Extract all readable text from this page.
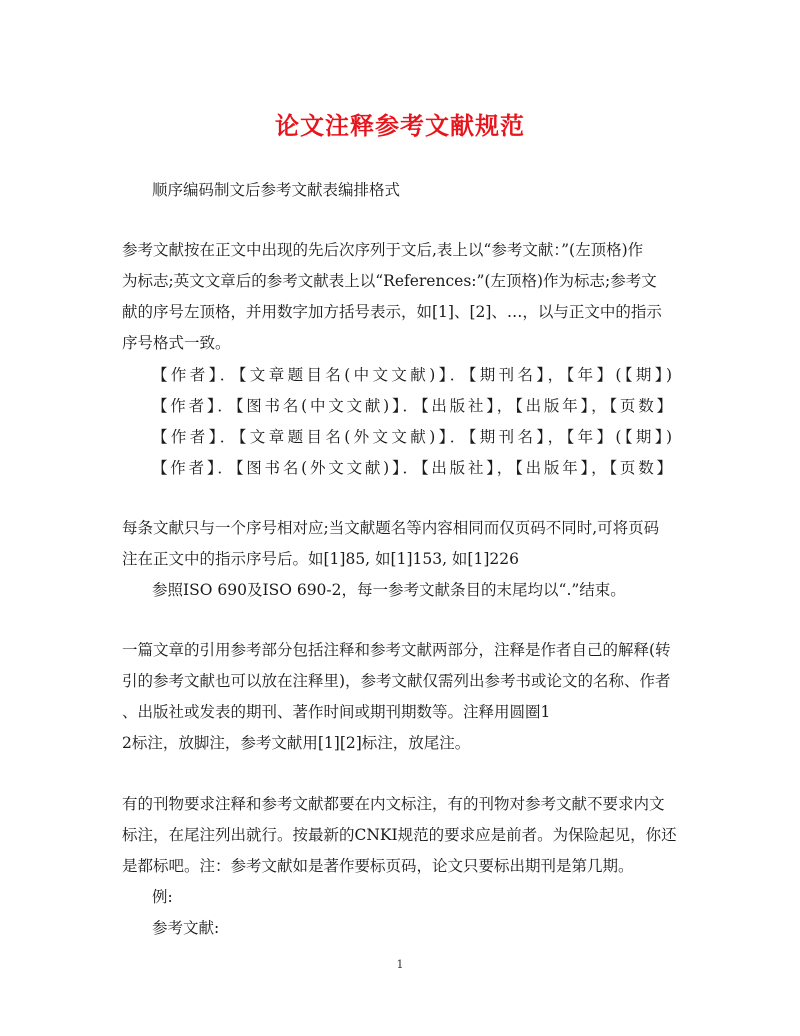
论文注释参考文献规范
顺序编码制文后参考文献表编排格式
参考文献按在正文中出现的先后次序列于文后,表上以“参考文献：”(左顶格)作
为标志;英文文章后的参考文献表上以“References:”(左顶格)作为标志;参考文
献的序号左顶格，并用数字加方括号表示，如[1]、[2]、…，以与正文中的指示
序号格式一致。
【作者】．【文章题目名(中文文献)】．【期刊名】，【年】(【期】)
【作者】．【图书名(中文文献)】．【出版社】，【出版年】，【页数】
【作者】．【文章题目名(外文文献)】．【期刊名】，【年】(【期】)
【作者】．【图书名(外文文献)】．【出版社】，【出版年】，【页数】
每条文献只与一个序号相对应;当文献题名等内容相同而仅页码不同时,可将页码
注在正文中的指示序号后。如[1]85, 如[1]153, 如[1]226
参照ISO 690及ISO 690-2，每一参考文献条目的末尾均以“.”结束。
一篇文章的引用参考部分包括注释和参考文献两部分，注释是作者自己的解释(转
引的参考文献也可以放在注释里)，参考文献仅需列出参考书或论文的名称、作者
、出版社或发表的期刊、著作时间或期刊期数等。注释用圆圈1
2标注，放脚注，参考文献用[1][2]标注，放尾注。
有的刊物要求注释和参考文献都要在内文标注，有的刊物对参考文献不要求内文
标注，在尾注列出就行。按最新的CNKI规范的要求应是前者。为保险起见，你还
是都标吧。注：参考文献如是著作要标页码，论文只要标出期刊是第几期。
例:
参考文献:
1
